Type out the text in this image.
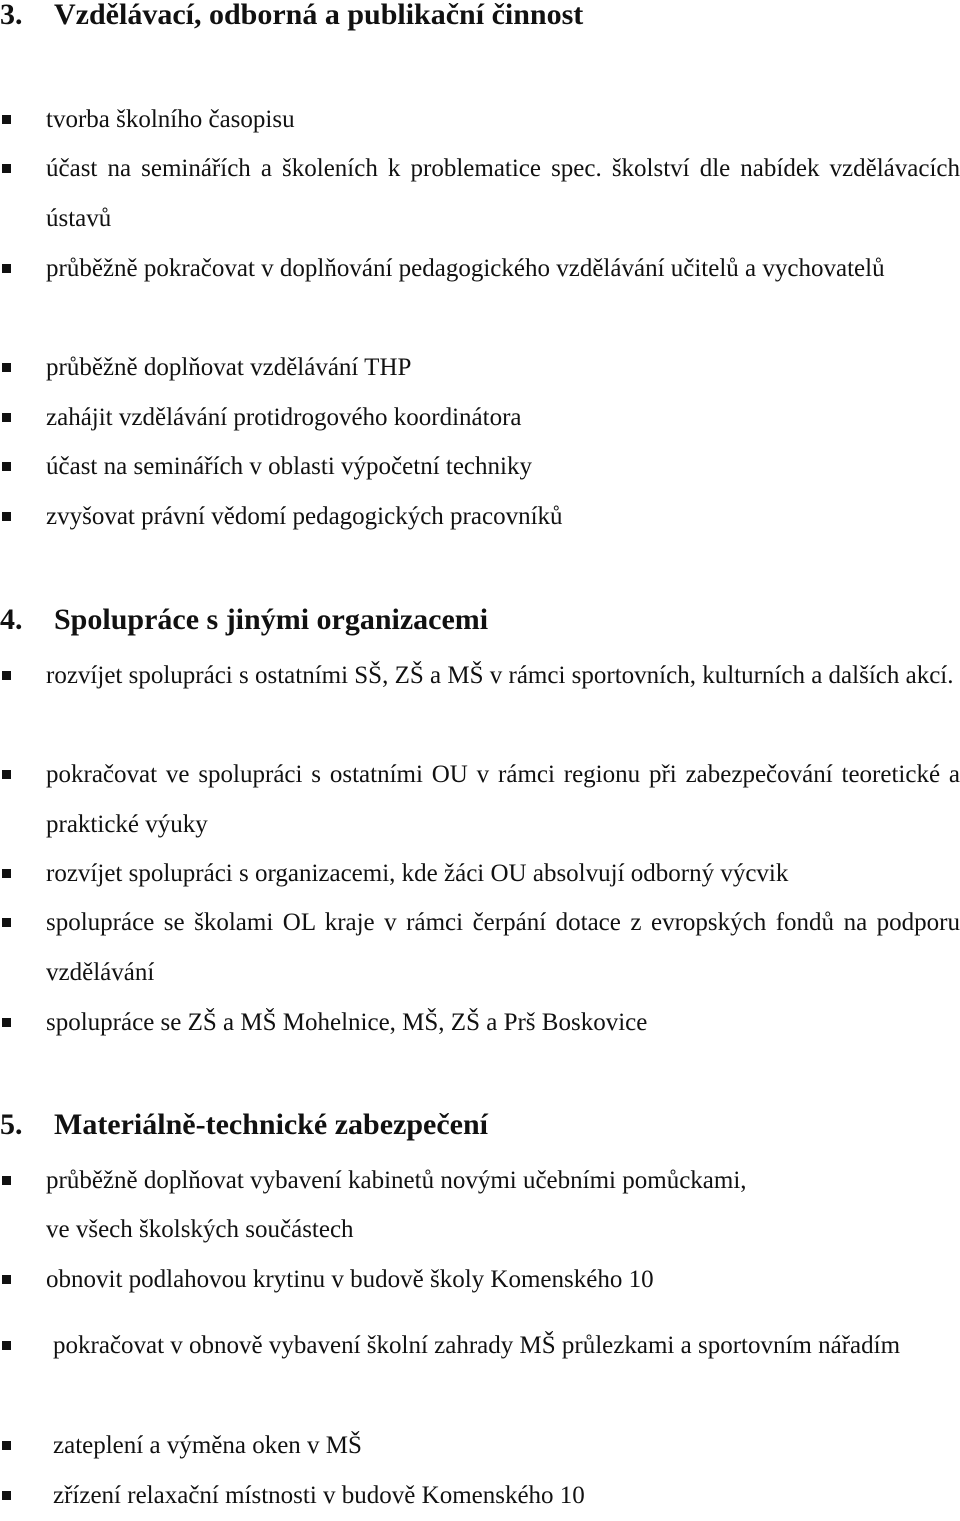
3. Vzdělávací, odborná a publikační činnost
tvorba školního časopisu
účast na seminářích a školeních k problematice spec. školství dle nabídek vzdělávacích ústavů
průběžně pokračovat v doplňování pedagogického vzdělávání učitelů a vychovatelů
průběžně doplňovat vzdělávání THP
zahájit vzdělávání protidrogového koordinátora
účast na seminářích v oblasti výpočetní techniky
zvyšovat právní vědomí pedagogických pracovníků
4. Spolupráce s jinými organizacemi
rozvíjet spolupráci s ostatními SŠ, ZŠ a MŠ v rámci sportovních, kulturních a dalších akcí.
pokračovat ve spolupráci s ostatními OU v rámci regionu při zabezpečování teoretické a praktické výuky
rozvíjet spolupráci s organizacemi, kde žáci OU absolvují odborný výcvik
spolupráce se školami OL kraje v rámci čerpání dotace z evropských fondů na podporu vzdělávání
spolupráce se ZŠ a MŠ Mohelnice, MŠ, ZŠ a Prš Boskovice
5. Materiálně-technické zabezpečení
průběžně doplňovat vybavení kabinetů novými učebními pomůckami,
ve všech školských součástech
obnovit podlahovou krytinu v budově školy Komenského 10
pokračovat v obnově vybavení školní zahrady MŠ průlezkami a sportovním nářadím
zateplení a výměna oken v MŠ
zřízení relaxační místnosti v budově Komenského 10
